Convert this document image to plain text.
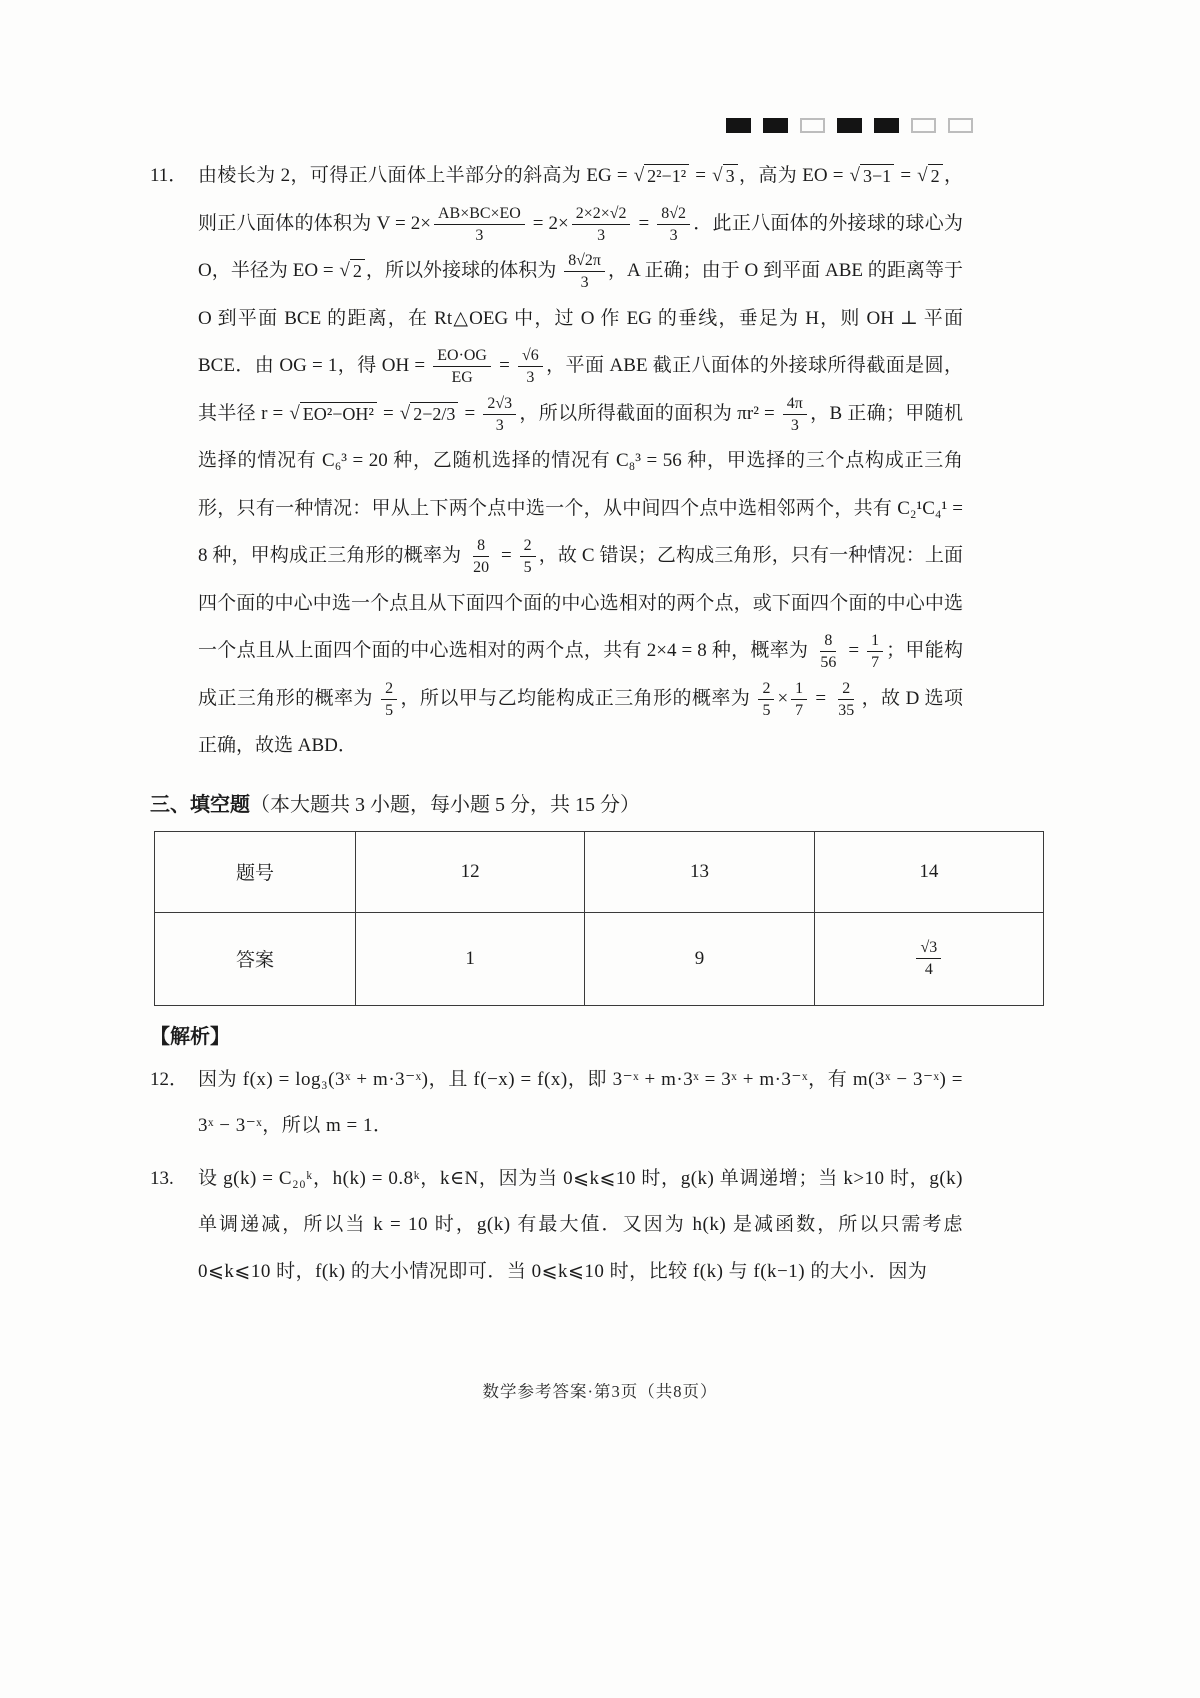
11． 由棱长为 2，可得正八面体上半部分的斜高为 EG = √ 2²−1² = √ 3 ，高为 EO = √ 3−1 = √ 2 ，则正八面体的体积为 $V = 2\times \frac{AB\times BC\times EO}{3} = 2\times \frac{2\times 2\times√2}{3} = \frac{8√2}{3}$ ．此正八面体的外接球的球心为 O，半径为 EO = √ 2 ，所以外接球的体积为 $\frac{8√2\pi}{3}$ ，A 正确；由于 O 到平面 ABE 的距离等于 O 到平面 BCE 的距离，在 Rt△OEG 中，过 O 作 EG 的垂线，垂足为 H，则 OH ⊥ 平面 BCE．由 OG = 1，得 OH = $\frac{EO\cdot OG}{EG} = \frac{√6}{3}$ ，平面 ABE 截正八面体的外接球所得截面是圆，其半径 r = √ EO²−OH² = √ $2-2/3 = \frac{2√3}{3}$ ，所以所得截面的面积为 $\pi r^2 = \frac{4\pi}{3}$ ，B 正确；甲随机选择的情况有 C₆³ = 20 种，乙随机选择的情况有 C₈³ = 56 种，甲选择的三个点构成正三角形，只有一种情况：甲从上下两个点中选一个，从中间四个点中选相邻两个，共有 C₂¹C₄¹ = 8 种，甲构成正三角形的概率为 $\frac{8}{20} = \frac{2}{5}$ ，故 C 错误；乙构成三角形，只有一种情况：上面四个面的中心中选一个点且从下面四个面的中心选相对的两个点，或下面四个面的中心中选一个点且从上面四个面的中心选相对的两个点，共有 2×4 = 8 种，概率为 $\frac{8}{56} = \frac{1}{7}$ ；甲能构成正三角形的概率为 $\frac{2}{5}$ ，所以甲与乙均能构成正三角形的概率为 $\frac{2}{5} \times \frac{1}{7} = \frac{2}{35}$ ，故 D 选项正确，故选 ABD．
三、填空题（本大题共 3 小题，每小题 5 分，共 15 分）
题号	12	13	14
答案	1	9	$\frac{√3}{4}$
【解析】
12． 因为 f(x) = log₃(3ˣ + m·3⁻ˣ)，且 f(−x) = f(x)，即 3⁻ˣ + m·3ˣ = 3ˣ + m·3⁻ˣ，有 m(3ˣ − 3⁻ˣ) = 3ˣ − 3⁻ˣ，所以 m = 1．
13.	设 g(k) = C₂₀ᵏ，h(k) = 0.8ᵏ，k∈N，因为当 0⩽k⩽10 时，g(k) 单调递增；当 k>10 时，g(k) 单调递减，所以当 k = 10 时，g(k) 有最大值．又因为 h(k) 是减函数，所以只需考虑 0⩽k⩽10 时，f(k) 的大小情况即可．当 0⩽k⩽10 时，比较 f(k) 与 f(k−1) 的大小．因为
数学参考答案·第3页（共8页）
